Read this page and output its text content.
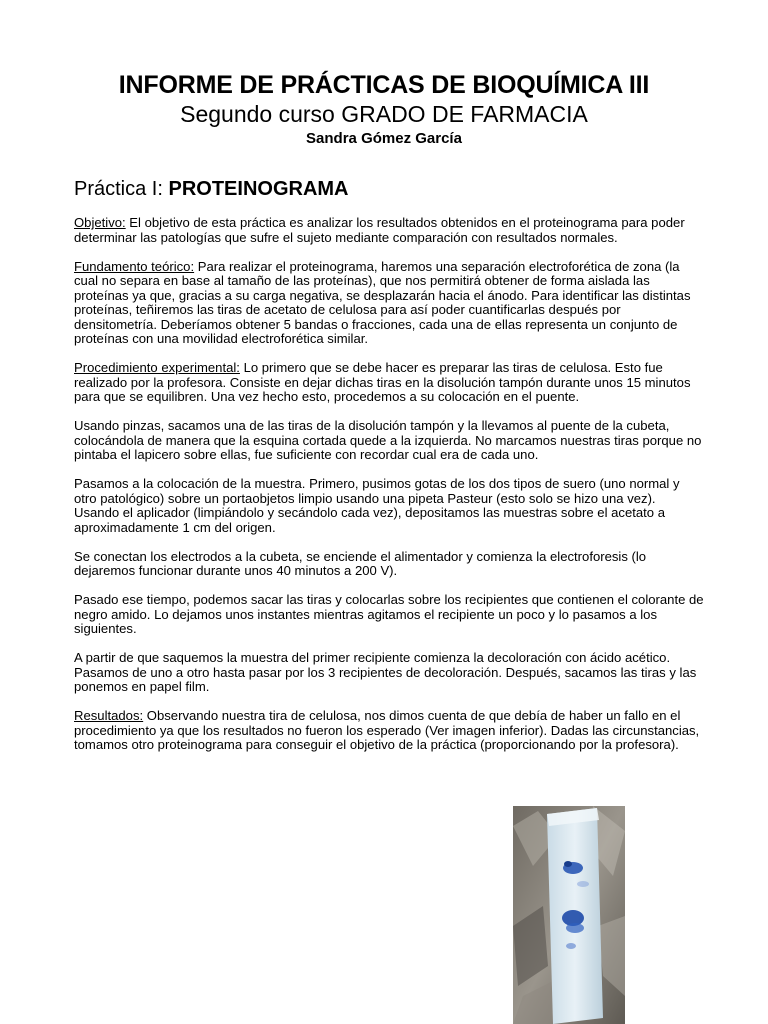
INFORME DE PRÁCTICAS DE BIOQUÍMICA III
Segundo curso GRADO DE FARMACIA
Sandra Gómez García
Práctica I: PROTEINOGRAMA

Objetivo: El objetivo de esta práctica es analizar los resultados obtenidos en el proteinograma para poder determinar las patologías que sufre el sujeto mediante comparación con resultados normales.

Fundamento teórico: Para realizar el proteinograma, haremos una separación electroforética de zona (la cual no separa en base al tamaño de las proteínas), que nos permitirá obtener de forma aislada las proteínas ya que, gracias a su carga negativa, se desplazarán hacia el ánodo. Para identificar las distintas proteínas, teñiremos las tiras de acetato de celulosa para así poder cuantificarlas después por densitometría. Deberíamos obtener 5 bandas o fracciones, cada una de ellas representa un conjunto de proteínas con una movilidad electroforética similar.

Procedimiento experimental: Lo primero que se debe hacer es preparar las tiras de celulosa. Esto fue realizado por la profesora. Consiste en dejar dichas tiras en la disolución tampón durante unos 15 minutos para que se equilibren. Una vez hecho esto, procedemos a su colocación en el puente.

Usando pinzas, sacamos una de las tiras de la disolución tampón y la llevamos al puente de la cubeta, colocándola de manera que la esquina cortada quede a la izquierda. No marcamos nuestras tiras porque no pintaba el lapicero sobre ellas, fue suficiente con recordar cual era de cada uno.

Pasamos a la colocación de la muestra. Primero, pusimos gotas de los dos tipos de suero (uno normal y otro patológico) sobre un portaobjetos limpio usando una pipeta Pasteur (esto solo se hizo una vez). Usando el aplicador (limpiándolo y secándolo cada vez), depositamos las muestras sobre el acetato a aproximadamente 1 cm del origen.

Se conectan los electrodos a la cubeta, se enciende el alimentador y comienza la electroforesis (lo dejaremos funcionar durante unos 40 minutos a 200 V).

Pasado ese tiempo, podemos sacar las tiras y colocarlas sobre los recipientes que contienen el colorante de negro amido. Lo dejamos unos instantes mientras agitamos el recipiente un poco y lo pasamos a los siguientes.

A partir de que saquemos la muestra del primer recipiente comienza la decoloración con ácido acético. Pasamos de uno a otro hasta pasar por los 3 recipientes de decoloración. Después, sacamos las tiras y las ponemos en papel film.

Resultados: Observando nuestra tira de celulosa, nos dimos cuenta de que debía de haber un fallo en el procedimiento ya que los resultados no fueron los esperado (Ver imagen inferior). Dadas las circunstancias, tomamos otro proteinograma para conseguir el objetivo de la práctica (proporcionando por la profesora).
